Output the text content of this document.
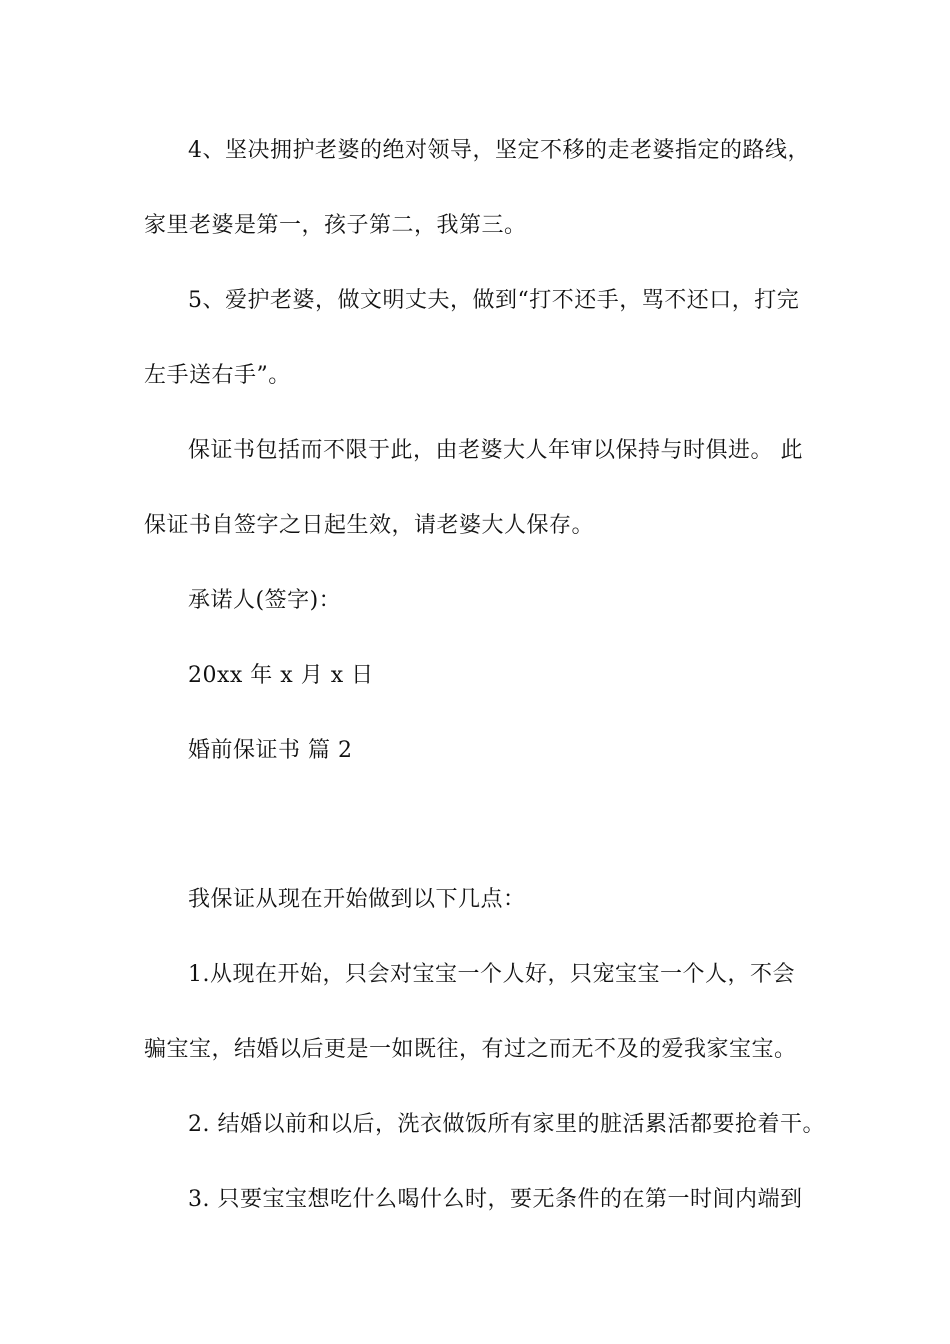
4、坚决拥护老婆的绝对领导，坚定不移的走老婆指定的路线，
家里老婆是第一，孩子第二，我第三。
5、爱护老婆，做文明丈夫，做到“打不还手，骂不还口，打完
左手送右手”。
保证书包括而不限于此，由老婆大人年审以保持与时俱进。 此
保证书自签字之日起生效，请老婆大人保存。
承诺人(签字)：
20xx 年 x 月 x 日
婚前保证书 篇 2
我保证从现在开始做到以下几点：
1.从现在开始，只会对宝宝一个人好，只宠宝宝一个人，不会
骗宝宝，结婚以后更是一如既往，有过之而无不及的爱我家宝宝。
2. 结婚以前和以后，洗衣做饭所有家里的脏活累活都要抢着干。
3. 只要宝宝想吃什么喝什么时，要无条件的在第一时间内端到
